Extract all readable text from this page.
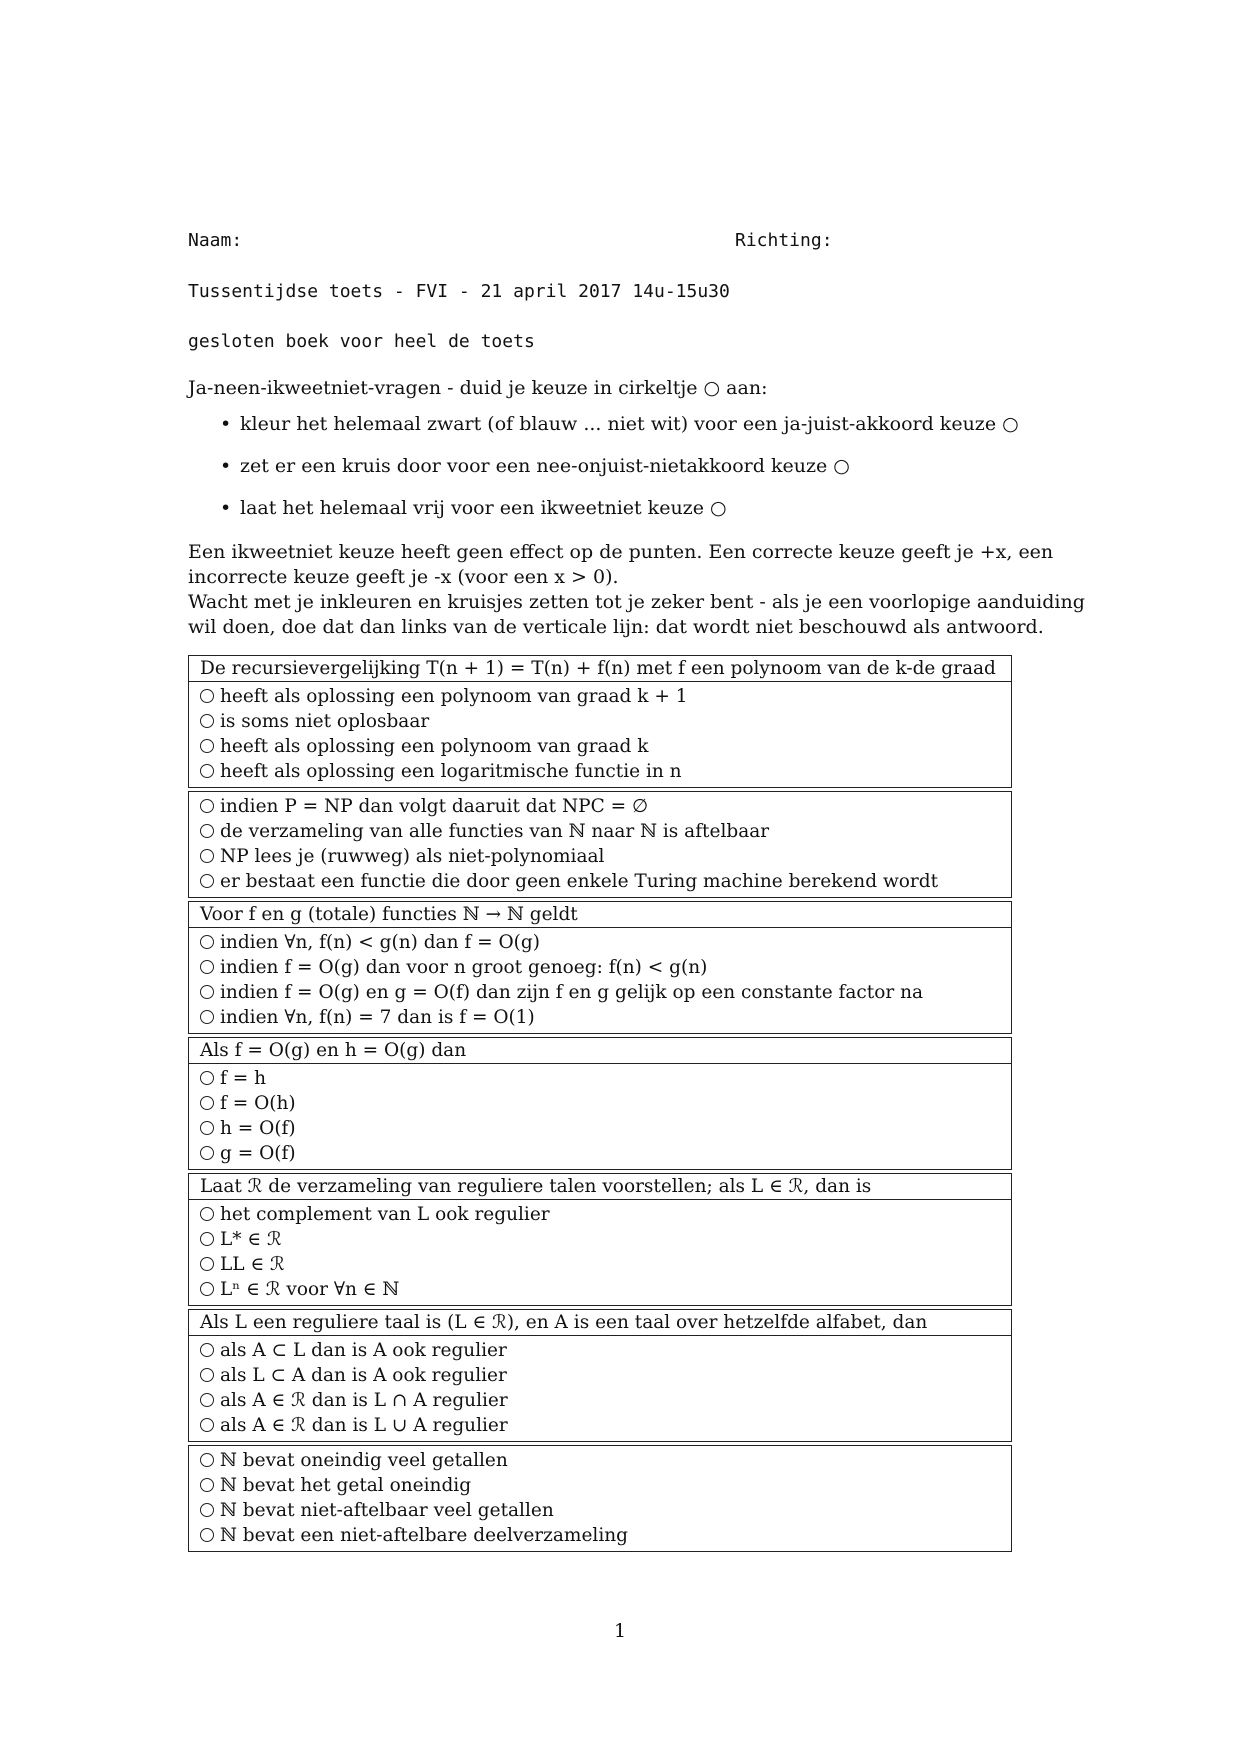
Naam:	Richting:
Tussentijdse toets - FVI - 21 april 2017 14u-15u30
gesloten boek voor heel de toets
Ja-neen-ikweetniet-vragen - duid je keuze in cirkeltje ○ aan:
• kleur het helemaal zwart (of blauw ... niet wit) voor een ja-juist-akkoord keuze ○
• zet er een kruis door voor een nee-onjuist-nietakkoord keuze ○
• laat het helemaal vrij voor een ikweetniet keuze ○
Een ikweetniet keuze heeft geen effect op de punten. Een correcte keuze geeft je +x, een incorrecte keuze geeft je -x (voor een x > 0).
Wacht met je inkleuren en kruisjes zetten tot je zeker bent - als je een voorlopige aanduiding wil doen, doe dat dan links van de verticale lijn: dat wordt niet beschouwd als antwoord.
De recursievergelijking T(n + 1) = T(n) + f(n) met f een polynoom van de k-de graad
heeft als oplossing een polynoom van graad k + 1
is soms niet oplosbaar
heeft als oplossing een polynoom van graad k
heeft als oplossing een logaritmische functie in n
indien P = NP dan volgt daaruit dat NPC = ∅
de verzameling van alle functies van ℕ naar ℕ is aftelbaar
NP lees je (ruwweg) als niet-polynomiaal
er bestaat een functie die door geen enkele Turing machine berekend wordt
Voor f en g (totale) functies ℕ → ℕ geldt
indien ∀n, f(n) < g(n) dan f = O(g)
indien f = O(g) dan voor n groot genoeg: f(n) < g(n)
indien f = O(g) en g = O(f) dan zijn f en g gelijk op een constante factor na
indien ∀n, f(n) = 7 dan is f = O(1)
Als f = O(g) en h = O(g) dan
f = h
f = O(h)
h = O(f)
g = O(f)
Laat ℛ de verzameling van reguliere talen voorstellen; als L ∈ ℛ, dan is
het complement van L ook regulier
L* ∈ ℛ
LL ∈ ℛ
Lⁿ ∈ ℛ voor ∀n ∈ ℕ
Als L een reguliere taal is (L ∈ ℛ), en A is een taal over hetzelfde alfabet, dan
als A ⊂ L dan is A ook regulier
als L ⊂ A dan is A ook regulier
als A ∈ ℛ dan is L ∩ A regulier
als A ∈ ℛ dan is L ∪ A regulier
ℕ bevat oneindig veel getallen
ℕ bevat het getal oneindig
ℕ bevat niet-aftelbaar veel getallen
ℕ bevat een niet-aftelbare deelverzameling
1
